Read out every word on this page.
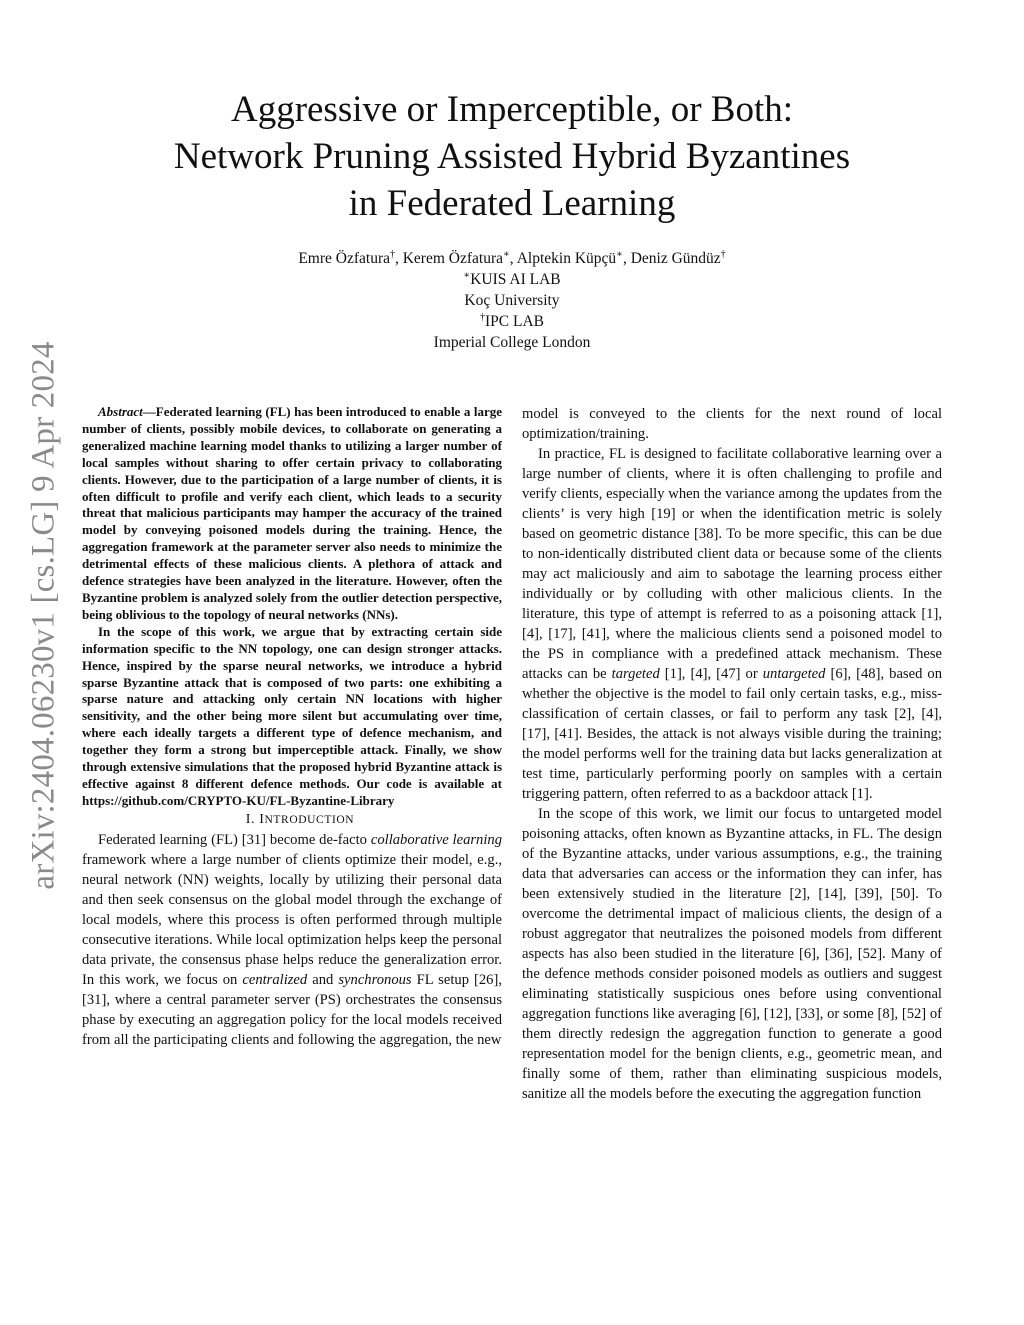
arXiv:2404.06230v1 [cs.LG] 9 Apr 2024
Aggressive or Imperceptible, or Both:
Network Pruning Assisted Hybrid Byzantines
in Federated Learning
Emre Özfatura†, Kerem Özfatura∗, Alptekin Küpçü∗, Deniz Gündüz†
∗KUIS AI LAB
Koç University
†IPC LAB
Imperial College London

Abstract—Federated learning (FL) has been introduced to enable a large number of clients, possibly mobile devices, to collaborate on generating a generalized machine learning model thanks to utilizing a larger number of local samples without sharing to offer certain privacy to collaborating clients. However, due to the participation of a large number of clients, it is often difficult to profile and verify each client, which leads to a security threat that malicious participants may hamper the accuracy of the trained model by conveying poisoned models during the training. Hence, the aggregation framework at the parameter server also needs to minimize the detrimental effects of these malicious clients. A plethora of attack and defence strategies have been analyzed in the literature. However, often the Byzantine problem is analyzed solely from the outlier detection perspective, being oblivious to the topology of neural networks (NNs).

In the scope of this work, we argue that by extracting certain side information specific to the NN topology, one can design stronger attacks. Hence, inspired by the sparse neural networks, we introduce a hybrid sparse Byzantine attack that is composed of two parts: one exhibiting a sparse nature and attacking only certain NN locations with higher sensitivity, and the other being more silent but accumulating over time, where each ideally targets a different type of defence mechanism, and together they form a strong but imperceptible attack. Finally, we show through extensive simulations that the proposed hybrid Byzantine attack is effective against 8 different defence methods. Our code is available at https://github.com/CRYPTO-KU/FL-Byzantine-Library

I. INTRODUCTION

Federated learning (FL) [31] become de-facto collaborative learning framework where a large number of clients optimize their model, e.g., neural network (NN) weights, locally by utilizing their personal data and then seek consensus on the global model through the exchange of local models, where this process is often performed through multiple consecutive iterations. While local optimization helps keep the personal data private, the consensus phase helps reduce the generalization error. In this work, we focus on centralized and synchronous FL setup [26], [31], where a central parameter server (PS) orchestrates the consensus phase by executing an aggregation policy for the local models received from all the participating clients and following the aggregation, the new

model is conveyed to the clients for the next round of local optimization/training.

In practice, FL is designed to facilitate collaborative learning over a large number of clients, where it is often challenging to profile and verify clients, especially when the variance among the updates from the clients’ is very high [19] or when the identification metric is solely based on geometric distance [38]. To be more specific, this can be due to non-identically distributed client data or because some of the clients may act maliciously and aim to sabotage the learning process either individually or by colluding with other malicious clients. In the literature, this type of attempt is referred to as a poisoning attack [1], [4], [17], [41], where the malicious clients send a poisoned model to the PS in compliance with a predefined attack mechanism. These attacks can be targeted [1], [4], [47] or untargeted [6], [48], based on whether the objective is the model to fail only certain tasks, e.g., miss-classification of certain classes, or fail to perform any task [2], [4], [17], [41]. Besides, the attack is not always visible during the training; the model performs well for the training data but lacks generalization at test time, particularly performing poorly on samples with a certain triggering pattern, often referred to as a backdoor attack [1].

In the scope of this work, we limit our focus to untargeted model poisoning attacks, often known as Byzantine attacks, in FL. The design of the Byzantine attacks, under various assumptions, e.g., the training data that adversaries can access or the information they can infer, has been extensively studied in the literature [2], [14], [39], [50]. To overcome the detrimental impact of malicious clients, the design of a robust aggregator that neutralizes the poisoned models from different aspects has also been studied in the literature [6], [36], [52]. Many of the defence methods consider poisoned models as outliers and suggest eliminating statistically suspicious ones before using conventional aggregation functions like averaging [6], [12], [33], or some [8], [52] of them directly redesign the aggregation function to generate a good representation model for the benign clients, e.g., geometric mean, and finally some of them, rather than eliminating suspicious models, sanitize all the models before the executing the aggregation function
